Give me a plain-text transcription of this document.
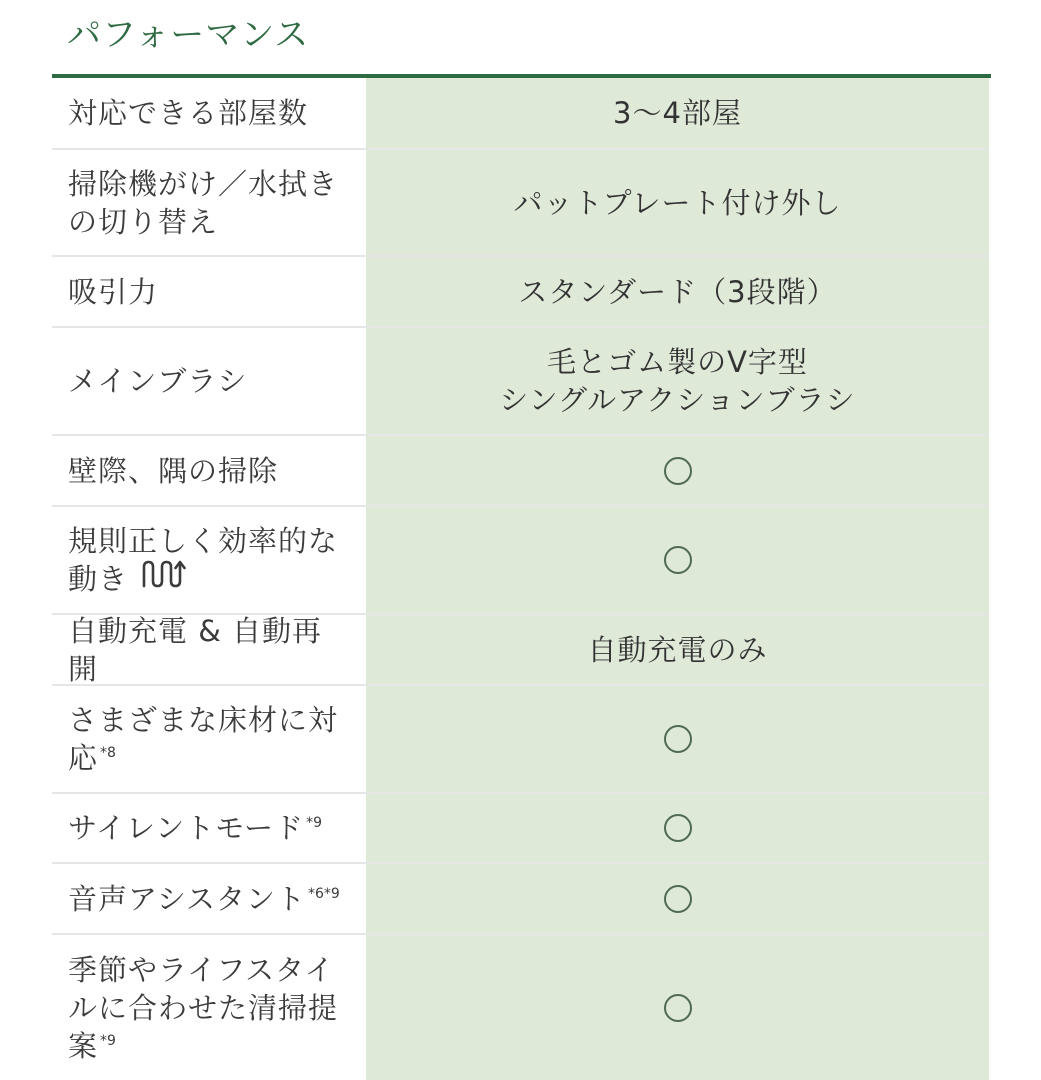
パフォーマンス
対応できる部屋数	3〜4部屋
掃除機がけ／水拭きの切り替え
パットプレート付け外し
吸引力	スタンダード（3段階）
メインブラシ
毛とゴム製のV字型
シングルアクションブラシ
壁際、隅の掃除
規則正しく効率的な動き
自動充電 & 自動再開
自動充電のみ
さまざまな床材に対応 $^{*8}$
サイレントモード $^{*9}$
音声アシスタント $^{*6*9}$
季節やライフスタイルに合わせた清掃提案 $^{*9}$
